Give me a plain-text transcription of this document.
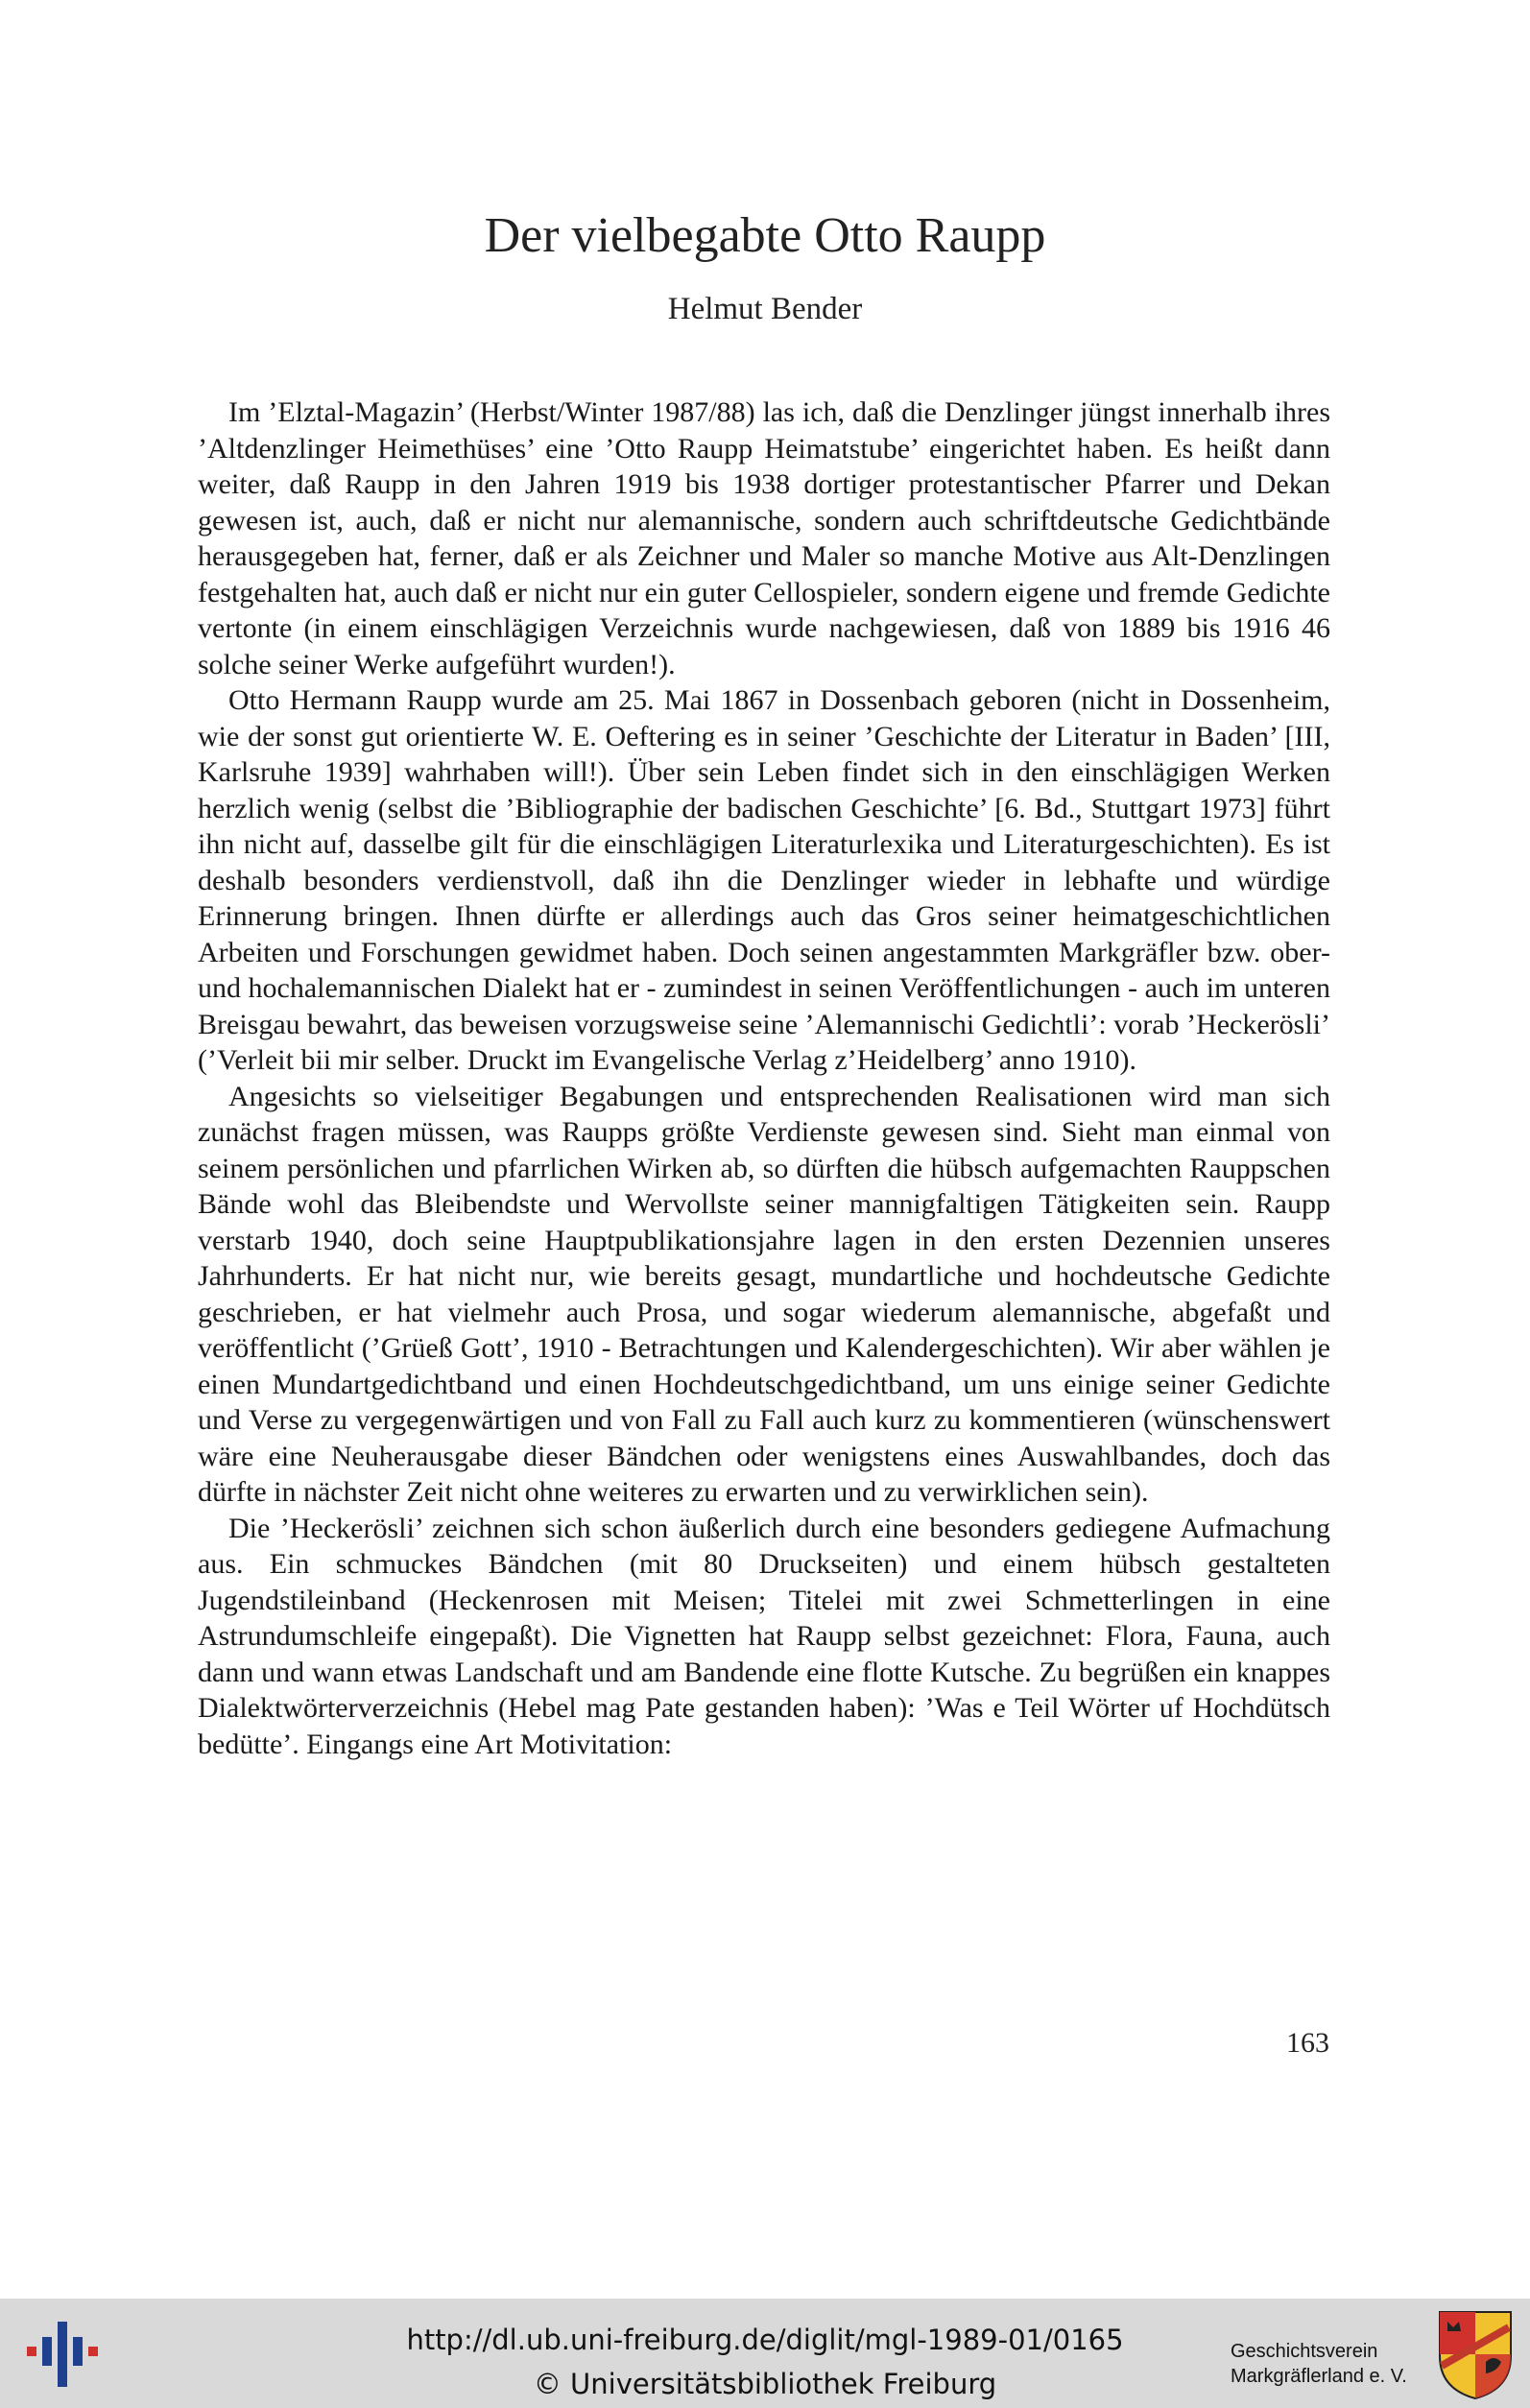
Der vielbegabte Otto Raupp
Helmut Bender

Im ’Elztal-Magazin’ (Herbst/Winter 1987/88) las ich, daß die Denzlinger jüngst innerhalb ihres ’Altdenzlinger Heimethüses’ eine ’Otto Raupp Heimatstube’ eingerichtet haben. Es heißt dann weiter, daß Raupp in den Jahren 1919 bis 1938 dortiger protestantischer Pfarrer und Dekan gewesen ist, auch, daß er nicht nur alemannische, sondern auch schriftdeutsche Gedichtbände herausgegeben hat, ferner, daß er als Zeichner und Maler so manche Motive aus Alt-Denzlingen festgehalten hat, auch daß er nicht nur ein guter Cellospieler, sondern eigene und fremde Gedichte vertonte (in einem einschlägigen Verzeichnis wurde nachgewiesen, daß von 1889 bis 1916 46 solche seiner Werke aufgeführt wurden!).

Otto Hermann Raupp wurde am 25. Mai 1867 in Dossenbach geboren (nicht in Dossenheim, wie der sonst gut orientierte W. E. Oeftering es in seiner ’Geschichte der Literatur in Baden’ [III, Karlsruhe 1939] wahrhaben will!). Über sein Leben findet sich in den einschlägigen Werken herzlich wenig (selbst die ’Bibliographie der badischen Geschichte’ [6. Bd., Stuttgart 1973] führt ihn nicht auf, dasselbe gilt für die einschlägigen Literaturlexika und Literaturgeschichten). Es ist deshalb besonders verdienstvoll, daß ihn die Denzlinger wieder in lebhafte und würdige Erinnerung bringen. Ihnen dürfte er allerdings auch das Gros seiner heimatgeschichtlichen Arbeiten und Forschungen gewidmet haben. Doch seinen angestammten Markgräfler bzw. ober- und hochalemannischen Dialekt hat er - zumindest in seinen Veröffentlichungen - auch im unteren Breisgau bewahrt, das beweisen vorzugsweise seine ’Alemannischi Gedichtli’: vorab ’Heckerösli’ (’Verleit bii mir selber. Druckt im Evangelische Verlag z’Heidelberg’ anno 1910).

Angesichts so vielseitiger Begabungen und entsprechenden Realisationen wird man sich zunächst fragen müssen, was Raupps größte Verdienste gewesen sind. Sieht man einmal von seinem persönlichen und pfarrlichen Wirken ab, so dürften die hübsch aufgemachten Rauppschen Bände wohl das Bleibendste und Wervollste seiner mannigfaltigen Tätigkeiten sein. Raupp verstarb 1940, doch seine Hauptpublikationsjahre lagen in den ersten Dezennien unseres Jahrhunderts. Er hat nicht nur, wie bereits gesagt, mundartliche und hochdeutsche Gedichte geschrieben, er hat vielmehr auch Prosa, und sogar wiederum alemannische, abgefaßt und veröffentlicht (’Grüeß Gott’, 1910 - Betrachtungen und Kalendergeschichten). Wir aber wählen je einen Mundartgedichtband und einen Hochdeutschgedichtband, um uns einige seiner Gedichte und Verse zu vergegenwärtigen und von Fall zu Fall auch kurz zu kommentieren (wünschenswert wäre eine Neuherausgabe dieser Bändchen oder wenigstens eines Auswahlbandes, doch das dürfte in nächster Zeit nicht ohne weiteres zu erwarten und zu verwirklichen sein).

Die ’Heckerösli’ zeichnen sich schon äußerlich durch eine besonders gediegene Aufmachung aus. Ein schmuckes Bändchen (mit 80 Druckseiten) und einem hübsch gestalteten Jugendstileinband (Heckenrosen mit Meisen; Titelei mit zwei Schmetterlingen in eine Astrundumschleife eingepaßt). Die Vignetten hat Raupp selbst gezeichnet: Flora, Fauna, auch dann und wann etwas Landschaft und am Bandende eine flotte Kutsche. Zu begrüßen ein knappes Dialektwörterverzeichnis (Hebel mag Pate gestanden haben): ’Was e Teil Wörter uf Hochdütsch bedütte’. Eingangs eine Art Motivitation:

163
http://dl.ub.uni-freiburg.de/diglit/mgl-1989-01/0165
© Universitätsbibliothek Freiburg
Geschichtsverein
Markgräflerland e. V.
